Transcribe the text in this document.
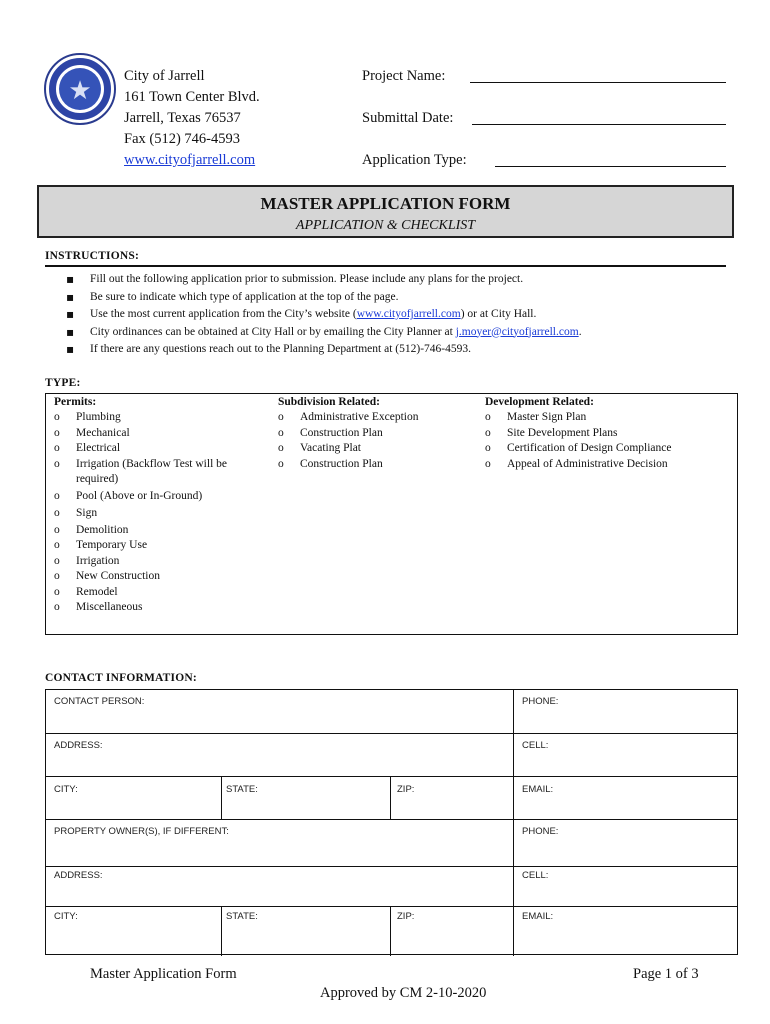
★	City of Jarrell
161 Town Center Blvd.
Jarrell, Texas 76537
Fax (512) 746-4593
www.cityofjarrell.com
Project Name:
Submittal Date:
Application Type:
MASTER APPLICATION FORM
APPLICATION & CHECKLIST
INSTRUCTIONS:
▪ Fill out the following application prior to submission. Please include any plans for the project.
▪ Be sure to indicate which type of application at the top of the page.
▪ Use the most current application from the City’s website (www.cityofjarrell.com) or at City Hall.
▪ City ordinances can be obtained at City Hall or by emailing the City Planner at j.moyer@cityofjarrell.com.
▪ If there are any questions reach out to the Planning Department at (512)-746-4593.
TYPE:
Permits:
o Plumbing
o Mechanical
o Electrical
o Irrigation (Backflow Test will be required)
o Pool (Above or In-Ground)
o Sign
o Demolition
o Temporary Use
o Irrigation
o New Construction
o Remodel
o Miscellaneous
Subdivision Related:
o Administrative Exception
o Construction Plan
o Vacating Plat
o Construction Plan
Development Related:
o Master Sign Plan
o Site Development Plans
o Certification of Design Compliance
o Appeal of Administrative Decision
CONTACT INFORMATION:
CONTACT PERSON:	PHONE:
ADDRESS:	CELL:
CITY:	STATE:	ZIP:	EMAIL:
PROPERTY OWNER(S), IF DIFFERENT:	PHONE:
ADDRESS:	CELL:
CITY:	STATE:	ZIP:	EMAIL:
Master Application Form	Page 1 of 3
Approved by CM 2-10-2020
